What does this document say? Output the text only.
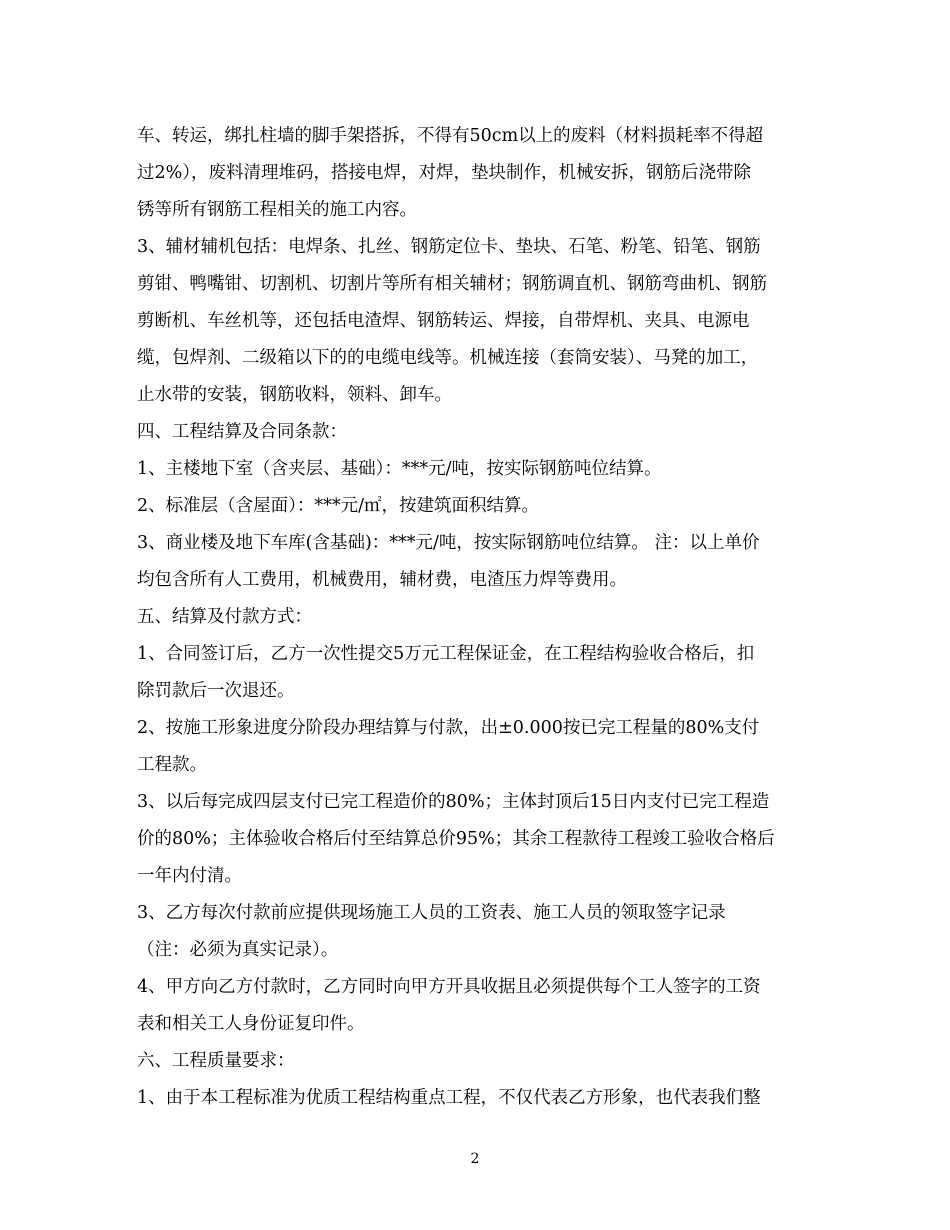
车、转运，绑扎柱墙的脚手架搭拆，不得有50cm以上的废料（材料损耗率不得超
过2%），废料清理堆码，搭接电焊，对焊，垫块制作，机械安拆，钢筋后浇带除
锈等所有钢筋工程相关的施工内容。
3、辅材辅机包括：电焊条、扎丝、钢筋定位卡、垫块、石笔、粉笔、铅笔、钢筋
剪钳、鸭嘴钳、切割机、切割片等所有相关辅材；钢筋调直机、钢筋弯曲机、钢筋
剪断机、车丝机等，还包括电渣焊、钢筋转运、焊接，自带焊机、夹具、电源电
缆，包焊剂、二级箱以下的的电缆电线等。机械连接（套筒安装）、马凳的加工，
止水带的安装，钢筋收料，领料、卸车。
四、工程结算及合同条款：
1、主楼地下室（含夹层、基础）：***元/吨，按实际钢筋吨位结算。
2、标准层（含屋面）：***元/㎡，按建筑面积结算。
3、商业楼及地下车库(含基础)：***元/吨，按实际钢筋吨位结算。 注：以上单价
均包含所有人工费用，机械费用，辅材费，电渣压力焊等费用。
五、结算及付款方式：
1、合同签订后，乙方一次性提交5万元工程保证金，在工程结构验收合格后，扣
除罚款后一次退还。
2、按施工形象进度分阶段办理结算与付款，出±0.000按已完工程量的80%支付
工程款。
3、以后每完成四层支付已完工程造价的80%；主体封顶后15日内支付已完工程造
价的80%；主体验收合格后付至结算总价95%；其余工程款待工程竣工验收合格后
一年内付清。
3、乙方每次付款前应提供现场施工人员的工资表、施工人员的领取签字记录
（注：必须为真实记录）。
4、甲方向乙方付款时，乙方同时向甲方开具收据且必须提供每个工人签字的工资
表和相关工人身份证复印件。
六、工程质量要求：
1、由于本工程标准为优质工程结构重点工程，不仅代表乙方形象，也代表我们整
2
